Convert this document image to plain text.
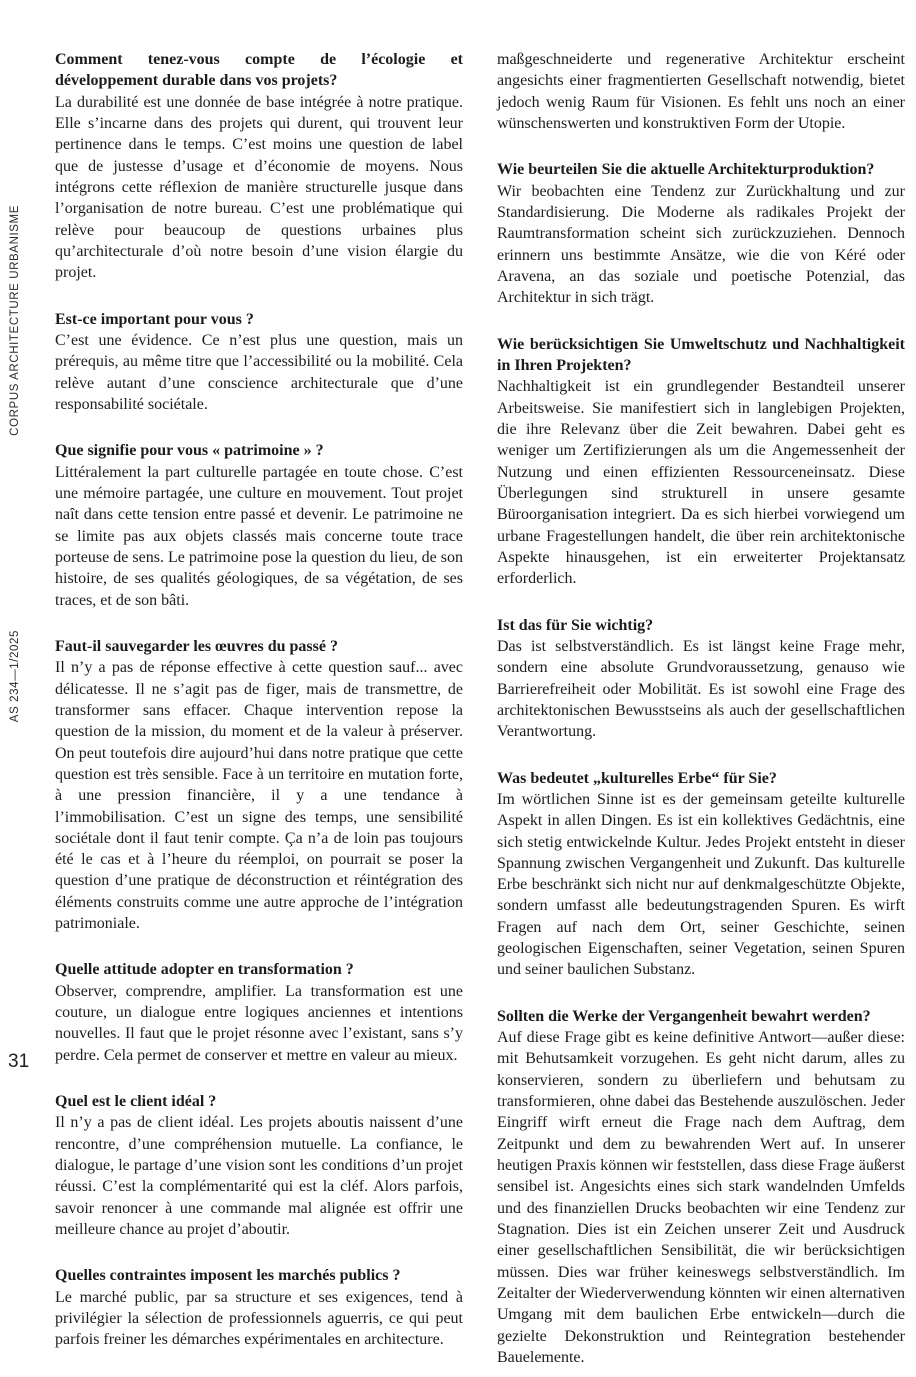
CORPUS ARCHITECTURE URBANISME
AS 234—1/2025
31

Comment tenez-vous compte de l’écologie et développement durable dans vos projets?

La durabilité est une donnée de base intégrée à notre pratique. Elle s’incarne dans des projets qui durent, qui trouvent leur pertinence dans le temps. C’est moins une question de label que de justesse d’usage et d’économie de moyens. Nous intégrons cette réflexion de manière structurelle jusque dans l’organisation de notre bureau. C’est une problématique qui relève pour beaucoup de questions urbaines plus qu’architecturale d’où notre besoin d’une vision élargie du projet.

Est-ce important pour vous ?

C’est une évidence. Ce n’est plus une question, mais un prérequis, au même titre que l’accessibilité ou la mobilité. Cela relève autant d’une conscience architecturale que d’une responsabilité sociétale.

Que signifie pour vous « patrimoine » ?

Littéralement la part culturelle partagée en toute chose. C’est une mémoire partagée, une culture en mouvement. Tout projet naît dans cette tension entre passé et devenir. Le patrimoine ne se limite pas aux objets classés mais concerne toute trace porteuse de sens. Le patrimoine pose la question du lieu, de son histoire, de ses qualités géologiques, de sa végétation, de ses traces, et de son bâti.

Faut-il sauvegarder les œuvres du passé ?

Il n’y a pas de réponse effective à cette question sauf... avec délicatesse. Il ne s’agit pas de figer, mais de transmettre, de transformer sans effacer. Chaque intervention repose la question de la mission, du moment et de la valeur à préserver. On peut toutefois dire aujourd’hui dans notre pratique que cette question est très sensible. Face à un territoire en mutation forte, à une pression financière, il y a une tendance à l’immobilisation. C’est un signe des temps, une sensibilité sociétale dont il faut tenir compte. Ça n’a de loin pas toujours été le cas et à l’heure du réemploi, on pourrait se poser la question d’une pratique de déconstruction et réintégration des éléments construits comme une autre approche de l’intégration patrimoniale.

Quelle attitude adopter en transformation ?

Observer, comprendre, amplifier. La transformation est une couture, un dialogue entre logiques anciennes et intentions nouvelles. Il faut que le projet résonne avec l’existant, sans s’y perdre. Cela permet de conserver et mettre en valeur au mieux.

Quel est le client idéal ?

Il n’y a pas de client idéal. Les projets aboutis naissent d’une rencontre, d’une compréhension mutuelle. La confiance, le dialogue, le partage d’une vision sont les conditions d’un projet réussi. C’est la complémentarité qui est la cléf. Alors parfois, savoir renoncer à une commande mal alignée est offrir une meilleure chance au projet d’aboutir.

Quelles contraintes imposent les marchés publics ?

Le marché public, par sa structure et ses exigences, tend à privilégier la sélection de professionnels aguerris, ce qui peut parfois freiner les démarches expérimentales en architecture.

maßgeschneiderte und regenerative Architektur erscheint angesichts einer fragmentierten Gesellschaft notwendig, bietet jedoch wenig Raum für Visionen. Es fehlt uns noch an einer wünschenswerten und konstruktiven Form der Utopie.

Wie beurteilen Sie die aktuelle Architekturproduktion?

Wir beobachten eine Tendenz zur Zurückhaltung und zur Standardisierung. Die Moderne als radikales Projekt der Raumtransformation scheint sich zurückzuziehen. Dennoch erinnern uns bestimmte Ansätze, wie die von Kéré oder Aravena, an das soziale und poetische Potenzial, das Architektur in sich trägt.

Wie berücksichtigen Sie Umweltschutz und Nachhaltigkeit in Ihren Projekten?

Nachhaltigkeit ist ein grundlegender Bestandteil unserer Arbeitsweise. Sie manifestiert sich in langlebigen Projekten, die ihre Relevanz über die Zeit bewahren. Dabei geht es weniger um Zertifizierungen als um die Angemessenheit der Nutzung und einen effizienten Ressourceneinsatz. Diese Überlegungen sind strukturell in unsere gesamte Büroorganisation integriert. Da es sich hierbei vorwiegend um urbane Fragestellungen handelt, die über rein architektonische Aspekte hinausgehen, ist ein erweiterter Projektansatz erforderlich.

Ist das für Sie wichtig?

Das ist selbstverständlich. Es ist längst keine Frage mehr, sondern eine absolute Grundvoraussetzung, genauso wie Barrierefreiheit oder Mobilität. Es ist sowohl eine Frage des architektonischen Bewusstseins als auch der gesellschaftlichen Verantwortung.

Was bedeutet „kulturelles Erbe“ für Sie?

Im wörtlichen Sinne ist es der gemeinsam geteilte kulturelle Aspekt in allen Dingen. Es ist ein kollektives Gedächtnis, eine sich stetig entwickelnde Kultur. Jedes Projekt entsteht in dieser Spannung zwischen Vergangenheit und Zukunft. Das kulturelle Erbe beschränkt sich nicht nur auf denkmalgeschützte Objekte, sondern umfasst alle bedeutungstragenden Spuren. Es wirft Fragen auf nach dem Ort, seiner Geschichte, seinen geologischen Eigenschaften, seiner Vegetation, seinen Spuren und seiner baulichen Substanz.

Sollten die Werke der Vergangenheit bewahrt werden?

Auf diese Frage gibt es keine definitive Antwort—außer diese: mit Behutsamkeit vorzugehen. Es geht nicht darum, alles zu konservieren, sondern zu überliefern und behutsam zu transformieren, ohne dabei das Bestehende auszulöschen. Jeder Eingriff wirft erneut die Frage nach dem Auftrag, dem Zeitpunkt und dem zu bewahrenden Wert auf. In unserer heutigen Praxis können wir feststellen, dass diese Frage äußerst sensibel ist. Angesichts eines sich stark wandelnden Umfelds und des finanziellen Drucks beobachten wir eine Tendenz zur Stagnation. Dies ist ein Zeichen unserer Zeit und Ausdruck einer gesellschaftlichen Sensibilität, die wir berücksichtigen müssen. Dies war früher keineswegs selbstverständlich. Im Zeitalter der Wiederverwendung könnten wir einen alternativen Umgang mit dem baulichen Erbe entwickeln—durch die gezielte Dekonstruktion und Reintegration bestehender Bauelemente.
